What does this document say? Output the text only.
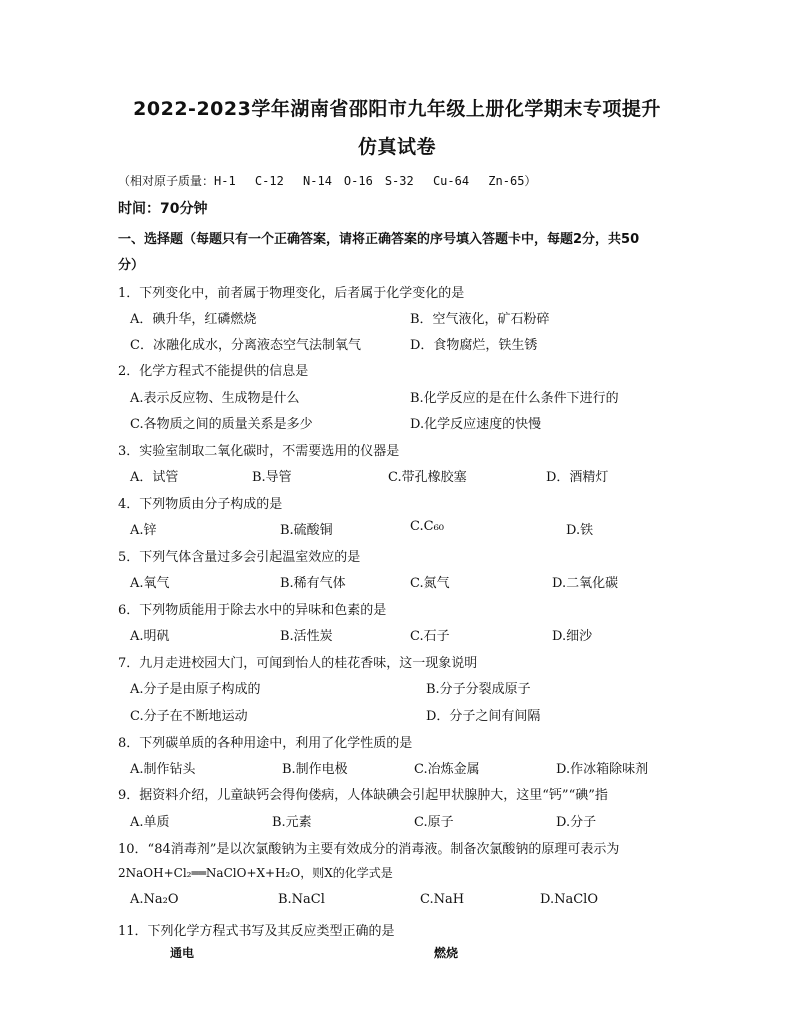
2022-2023学年湖南省邵阳市九年级上册化学期末专项提升
仿真试卷
（相对原子质量：H-1　 C-12　 N-14　O-16　S-32　 Cu-64　 Zn-65）
时间：70分钟
一、选择题（每题只有一个正确答案，请将正确答案的序号填入答题卡中，每题2分，共50
分）
1．下列变化中，前者属于物理变化，后者属于化学变化的是
A．碘升华，红磷燃烧	B．空气液化，矿石粉碎
C．冰融化成水，分离液态空气法制氧气	D．食物腐烂，铁生锈
2．化学方程式不能提供的信息是
A.表示反应物、生成物是什么	B.化学反应的是在什么条件下进行的
C.各物质之间的质量关系是多少	D.化学反应速度的快慢
3．实验室制取二氧化碳时，不需要选用的仪器是
A．试管	B.导管	C.带孔橡胶塞	D．酒精灯
4．下列物质由分子构成的是
A.锌	B.硫酸铜	C.C₆₀	D.铁
5．下列气体含量过多会引起温室效应的是
A.氧气	B.稀有气体	C.氮气	D.二氧化碳
6．下列物质能用于除去水中的异味和色素的是
A.明矾	B.活性炭	C.石子	D.细沙
7．九月走进校园大门，可闻到怡人的桂花香味，这一现象说明
A.分子是由原子构成的	B.分子分裂成原子
C.分子在不断地运动	D．分子之间有间隔
8．下列碳单质的各种用途中，利用了化学性质的是
A.制作钻头	B.制作电极	C.冶炼金属	D.作冰箱除味剂
9．据资料介绍，儿童缺钙会得佝偻病，人体缺碘会引起甲状腺肿大，这里“钙”“碘”指
A.单质	B.元素	C.原子	D.分子
10．“84消毒剂”是以次氯酸钠为主要有效成分的消毒液。制备次氯酸钠的原理可表示为
2NaOH+Cl₂══NaClO+X+H₂O，则X的化学式是
A.Na₂O	B.NaCl	C.NaH	D.NaClO
11．下列化学方程式书写及其反应类型正确的是
通电	燃烧
